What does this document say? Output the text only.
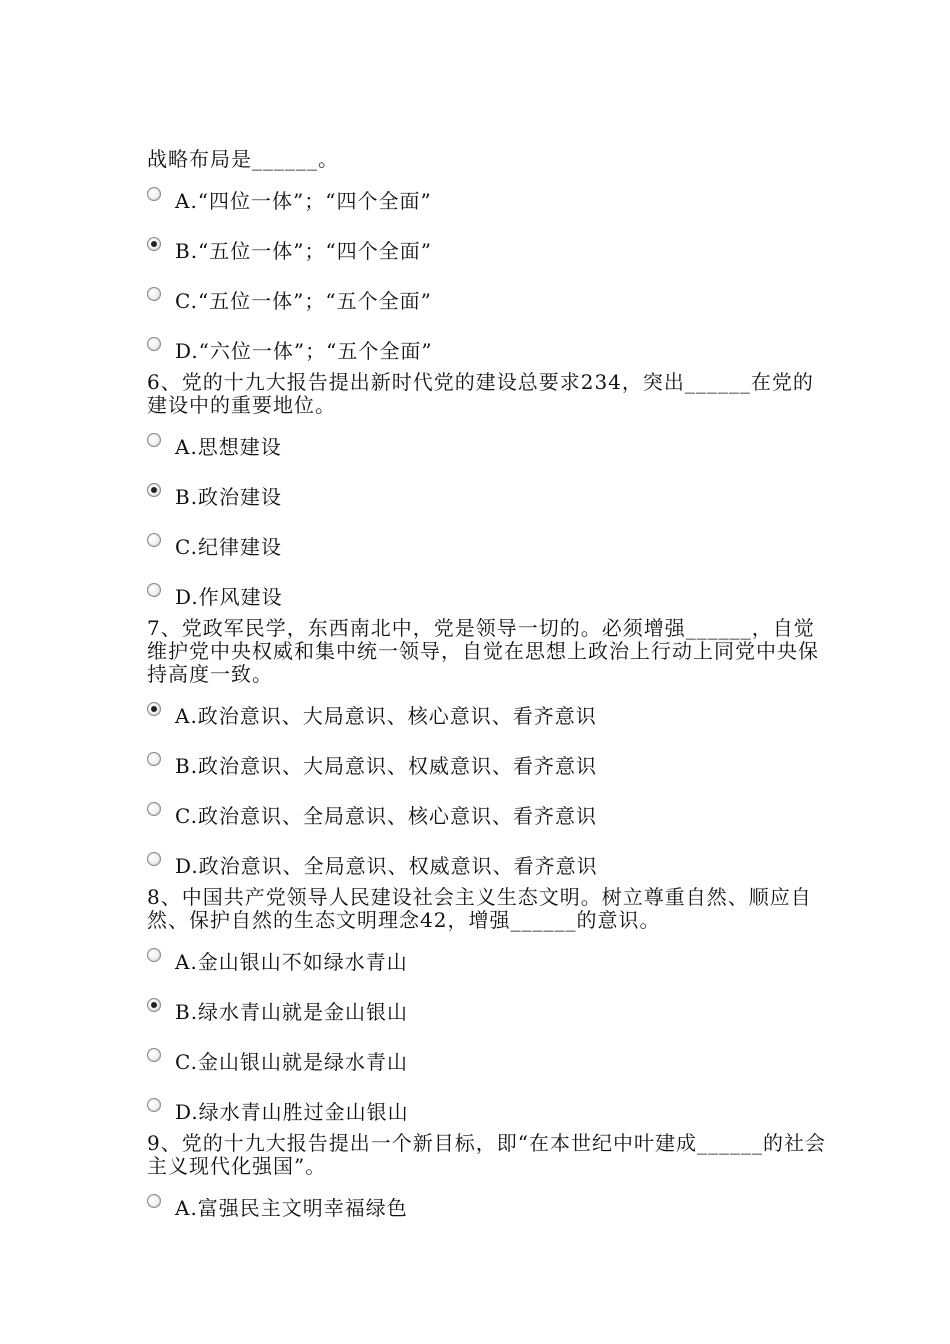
战略布局是______。
A.“四位一体”；“四个全面”
B.“五位一体”；“四个全面”
C.“五位一体”；“五个全面”
D.“六位一体”；“五个全面”
6、党的十九大报告提出新时代党的建设总要求234，突出______在党的建设中的重要地位。
A.思想建设
B.政治建设
C.纪律建设
D.作风建设
7、党政军民学，东西南北中，党是领导一切的。必须增强______，自觉维护党中央权威和集中统一领导，自觉在思想上政治上行动上同党中央保持高度一致。
A.政治意识、大局意识、核心意识、看齐意识
B.政治意识、大局意识、权威意识、看齐意识
C.政治意识、全局意识、核心意识、看齐意识
D.政治意识、全局意识、权威意识、看齐意识
8、中国共产党领导人民建设社会主义生态文明。树立尊重自然、顺应自然、保护自然的生态文明理念42，增强______的意识。
A.金山银山不如绿水青山
B.绿水青山就是金山银山
C.金山银山就是绿水青山
D.绿水青山胜过金山银山
9、党的十九大报告提出一个新目标，即“在本世纪中叶建成______的社会主义现代化强国”。
A.富强民主文明幸福绿色
